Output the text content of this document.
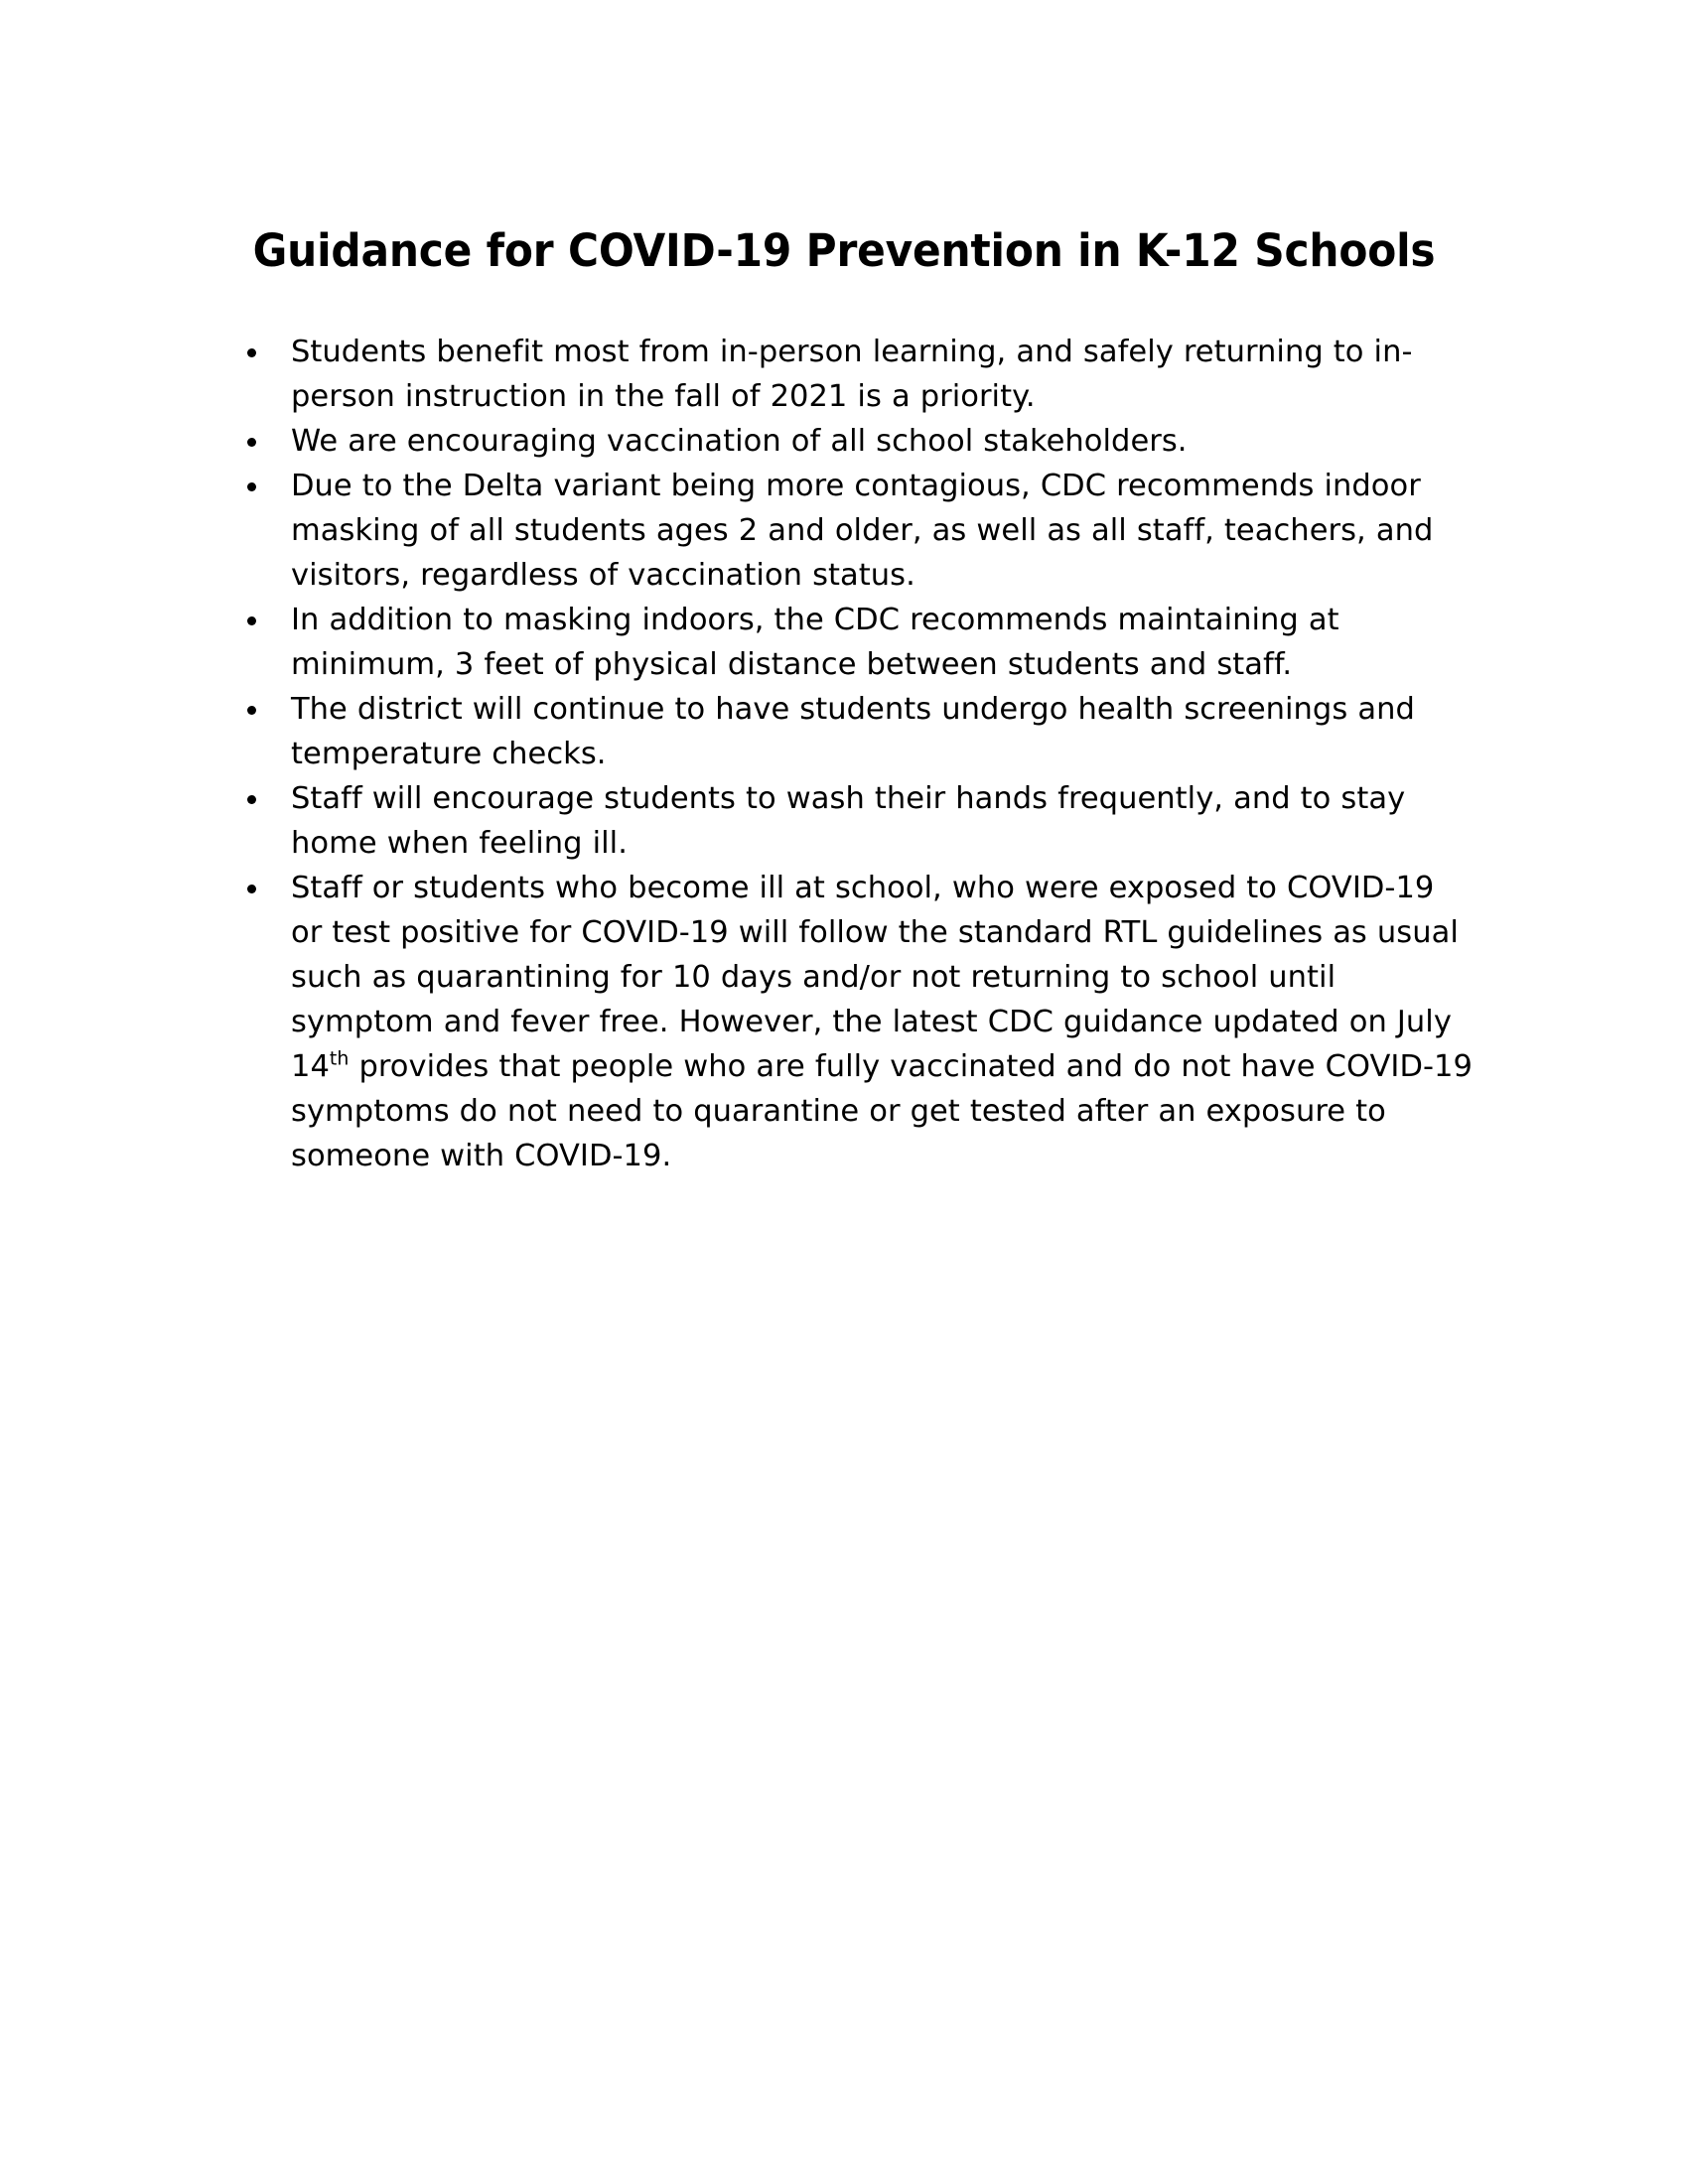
Guidance for COVID-19 Prevention in K-12 Schools
Students benefit most from in-person learning, and safely returning to in-person instruction in the fall of 2021 is a priority.
We are encouraging vaccination of all school stakeholders.
Due to the Delta variant being more contagious, CDC recommends indoor masking of all students ages 2 and older, as well as all staff, teachers, and visitors, regardless of vaccination status.
In addition to masking indoors, the CDC recommends maintaining at minimum, 3 feet of physical distance between students and staff.
The district will continue to have students undergo health screenings and temperature checks.
Staff will encourage students to wash their hands frequently, and to stay home when feeling ill.
Staff or students who become ill at school, who were exposed to COVID-19 or test positive for COVID-19 will follow the standard RTL guidelines as usual such as quarantining for 10 days and/or not returning to school until symptom and fever free. However, the latest CDC guidance updated on July 14th provides that people who are fully vaccinated and do not have COVID-19 symptoms do not need to quarantine or get tested after an exposure to someone with COVID-19.
